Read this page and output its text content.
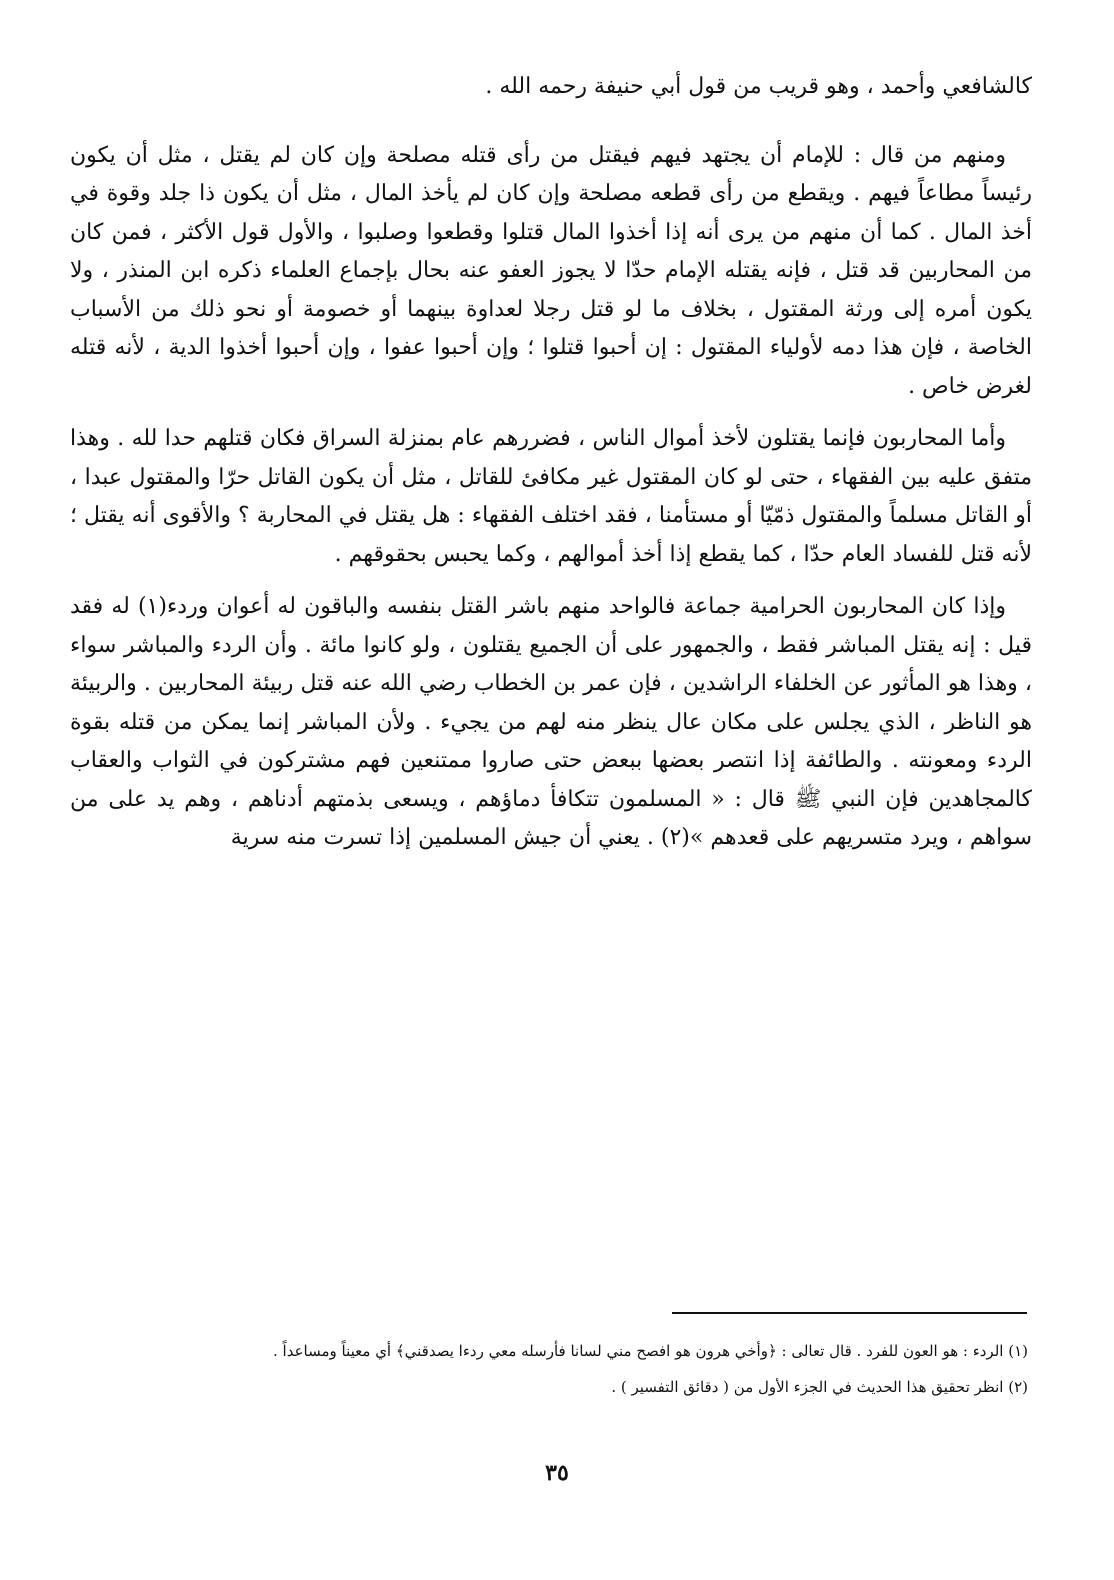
كالشافعي وأحمد ، وهو قريب من قول أبي حنيفة رحمه الله .

ومنهم من قال : للإمام أن يجتهد فيهم فيقتل من رأى قتله مصلحة وإن كان لم يقتل ، مثل أن يكون رئيساً مطاعاً فيهم . ويقطع من رأى قطعه مصلحة وإن كان لم يأخذ المال ، مثل أن يكون ذا جلد وقوة في أخذ المال . كما أن منهم من يرى أنه إذا أخذوا المال قتلوا وقطعوا وصلبوا ، والأول قول الأكثر ، فمن كان من المحاربين قد قتل ، فإنه يقتله الإمام حدّا لا يجوز العفو عنه بحال بإجماع العلماء ذكره ابن المنذر ، ولا يكون أمره إلى ورثة المقتول ، بخلاف ما لو قتل رجلا لعداوة بينهما أو خصومة أو نحو ذلك من الأسباب الخاصة ، فإن هذا دمه لأولياء المقتول : إن أحبوا قتلوا ؛ وإن أحبوا عفوا ، وإن أحبوا أخذوا الدية ، لأنه قتله لغرض خاص .

وأما المحاربون فإنما يقتلون لأخذ أموال الناس ، فضررهم عام بمنزلة السراق فكان قتلهم حدا لله . وهذا متفق عليه بين الفقهاء ، حتى لو كان المقتول غير مكافئ للقاتل ، مثل أن يكون القاتل حرّا والمقتول عبدا ، أو القاتل مسلماً والمقتول ذمّيّا أو مستأمنا ، فقد اختلف الفقهاء : هل يقتل في المحاربة ؟ والأقوى أنه يقتل ؛ لأنه قتل للفساد العام حدّا ، كما يقطع إذا أخذ أموالهم ، وكما يحبس بحقوقهم .

وإذا كان المحاربون الحرامية جماعة فالواحد منهم باشر القتل بنفسه والباقون له أعوان وردء(١) له فقد قيل : إنه يقتل المباشر فقط ، والجمهور على أن الجميع يقتلون ، ولو كانوا مائة . وأن الردء والمباشر سواء ، وهذا هو المأثور عن الخلفاء الراشدين ، فإن عمر بن الخطاب رضي الله عنه قتل ربيئة المحاربين . والربيئة هو الناظر ، الذي يجلس على مكان عال ينظر منه لهم من يجيء . ولأن المباشر إنما يمكن من قتله بقوة الردء ومعونته . والطائفة إذا انتصر بعضها ببعض حتى صاروا ممتنعين فهم مشتركون في الثواب والعقاب كالمجاهدين فإن النبي ﷺ قال : « المسلمون تتكافأ دماؤهم ، ويسعى بذمتهم أدناهم ، وهم يد على من سواهم ، ويرد متسريهم على قعدهم »(٢) . يعني أن جيش المسلمين إذا تسرت منه سرية

(١) الردء : هو العون للفرد . قال تعالى : ﴿وأخي هرون هو افصح مني لسانا فأرسله معي ردءا يصدقني﴾ أي معيناً ومساعداً .

(٢) انظر تحقيق هذا الحديث في الجزء الأول من ( دقائق التفسير ) .

٣٥
